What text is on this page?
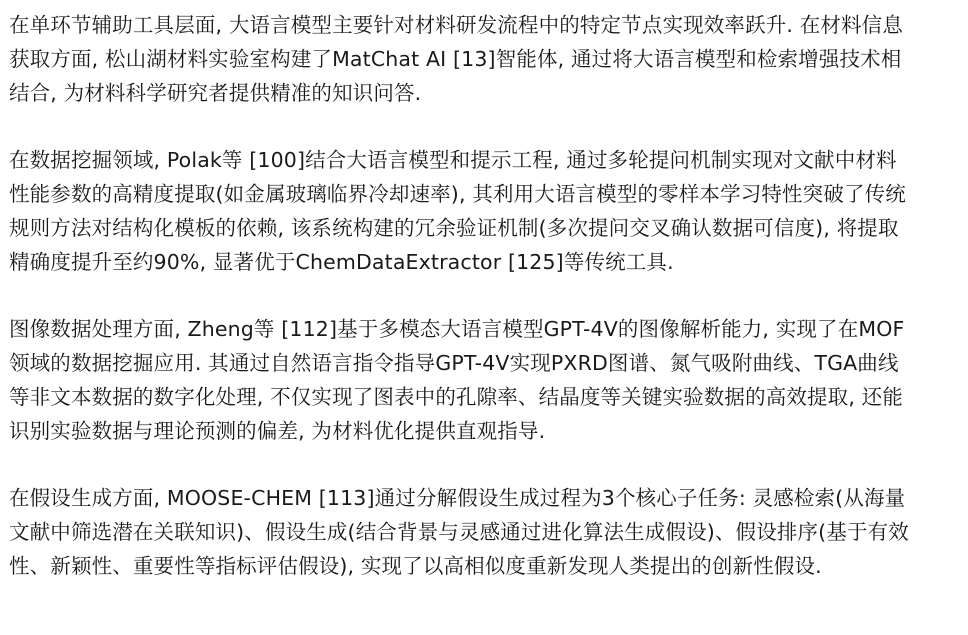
在单环节辅助工具层面, 大语言模型主要针对材料研发流程中的特定节点实现效率跃升. 在材料信息
获取方面, 松山湖材料实验室构建了MatChat AI [13]智能体, 通过将大语言模型和检索增强技术相
结合, 为材料科学研究者提供精准的知识问答.
在数据挖掘领域, Polak等 [100]结合大语言模型和提示工程, 通过多轮提问机制实现对文献中材料
性能参数的高精度提取(如金属玻璃临界冷却速率), 其利用大语言模型的零样本学习特性突破了传统
规则方法对结构化模板的依赖, 该系统构建的冗余验证机制(多次提问交叉确认数据可信度), 将提取
精确度提升至约90%, 显著优于ChemDataExtractor [125]等传统工具.
图像数据处理方面, Zheng等 [112]基于多模态大语言模型GPT-4V的图像解析能力, 实现了在MOF
领域的数据挖掘应用. 其通过自然语言指令指导GPT-4V实现PXRD图谱、氮气吸附曲线、TGA曲线
等非文本数据的数字化处理, 不仅实现了图表中的孔隙率、结晶度等关键实验数据的高效提取, 还能
识别实验数据与理论预测的偏差, 为材料优化提供直观指导.
在假设生成方面, MOOSE-CHEM [113]通过分解假设生成过程为3个核心子任务: 灵感检索(从海量
文献中筛选潜在关联知识)、假设生成(结合背景与灵感通过进化算法生成假设)、假设排序(基于有效
性、新颖性、重要性等指标评估假设), 实现了以高相似度重新发现人类提出的创新性假设.
